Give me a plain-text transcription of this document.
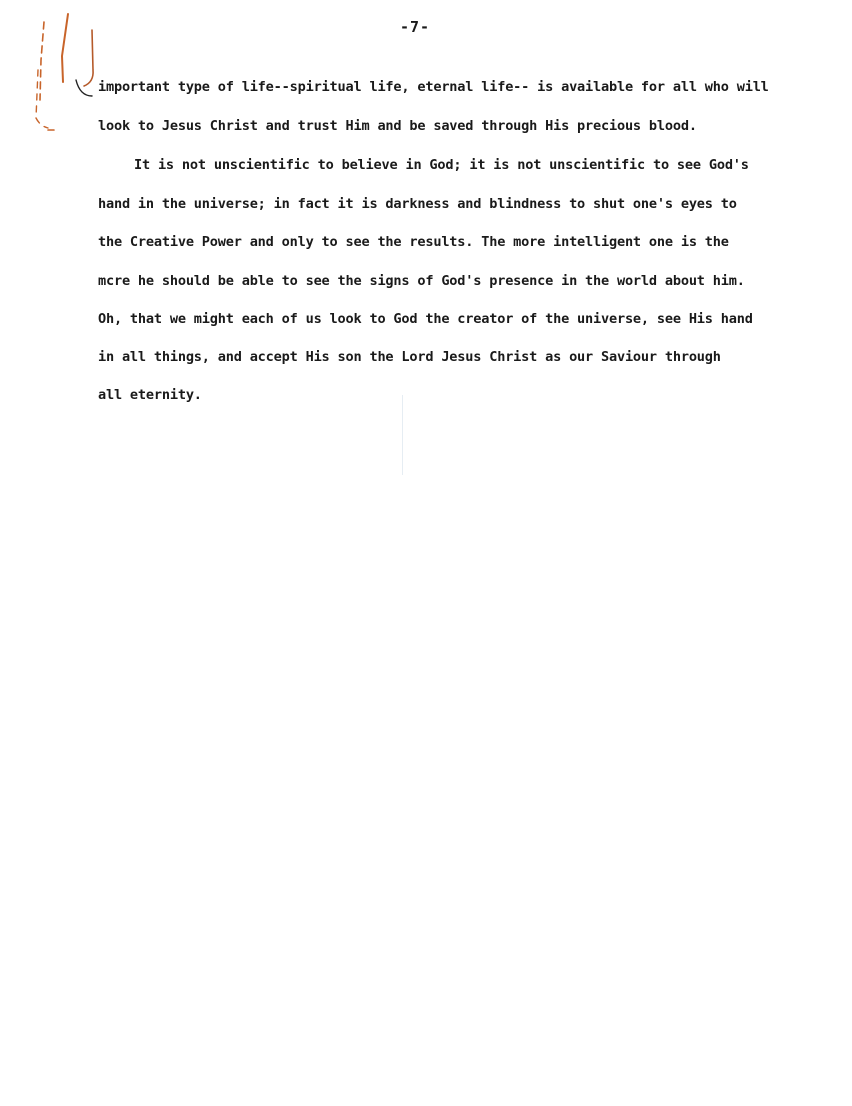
-7-
important type of life--spiritual life, eternal life-- is available for all who will
look to Jesus Christ and trust Him and be saved through His precious blood.
It is not unscientific to believe in God; it is not unscientific to see God's
hand in the universe; in fact it is darkness and blindness to shut one's eyes to
the Creative Power and only to see the results. The more intelligent one is the
mcre he should be able to see the signs of God's presence in the world about him.
Oh, that we might each of us look to God the creator of the universe, see His hand
in all things, and accept His son the Lord Jesus Christ as our Saviour through
all eternity.
